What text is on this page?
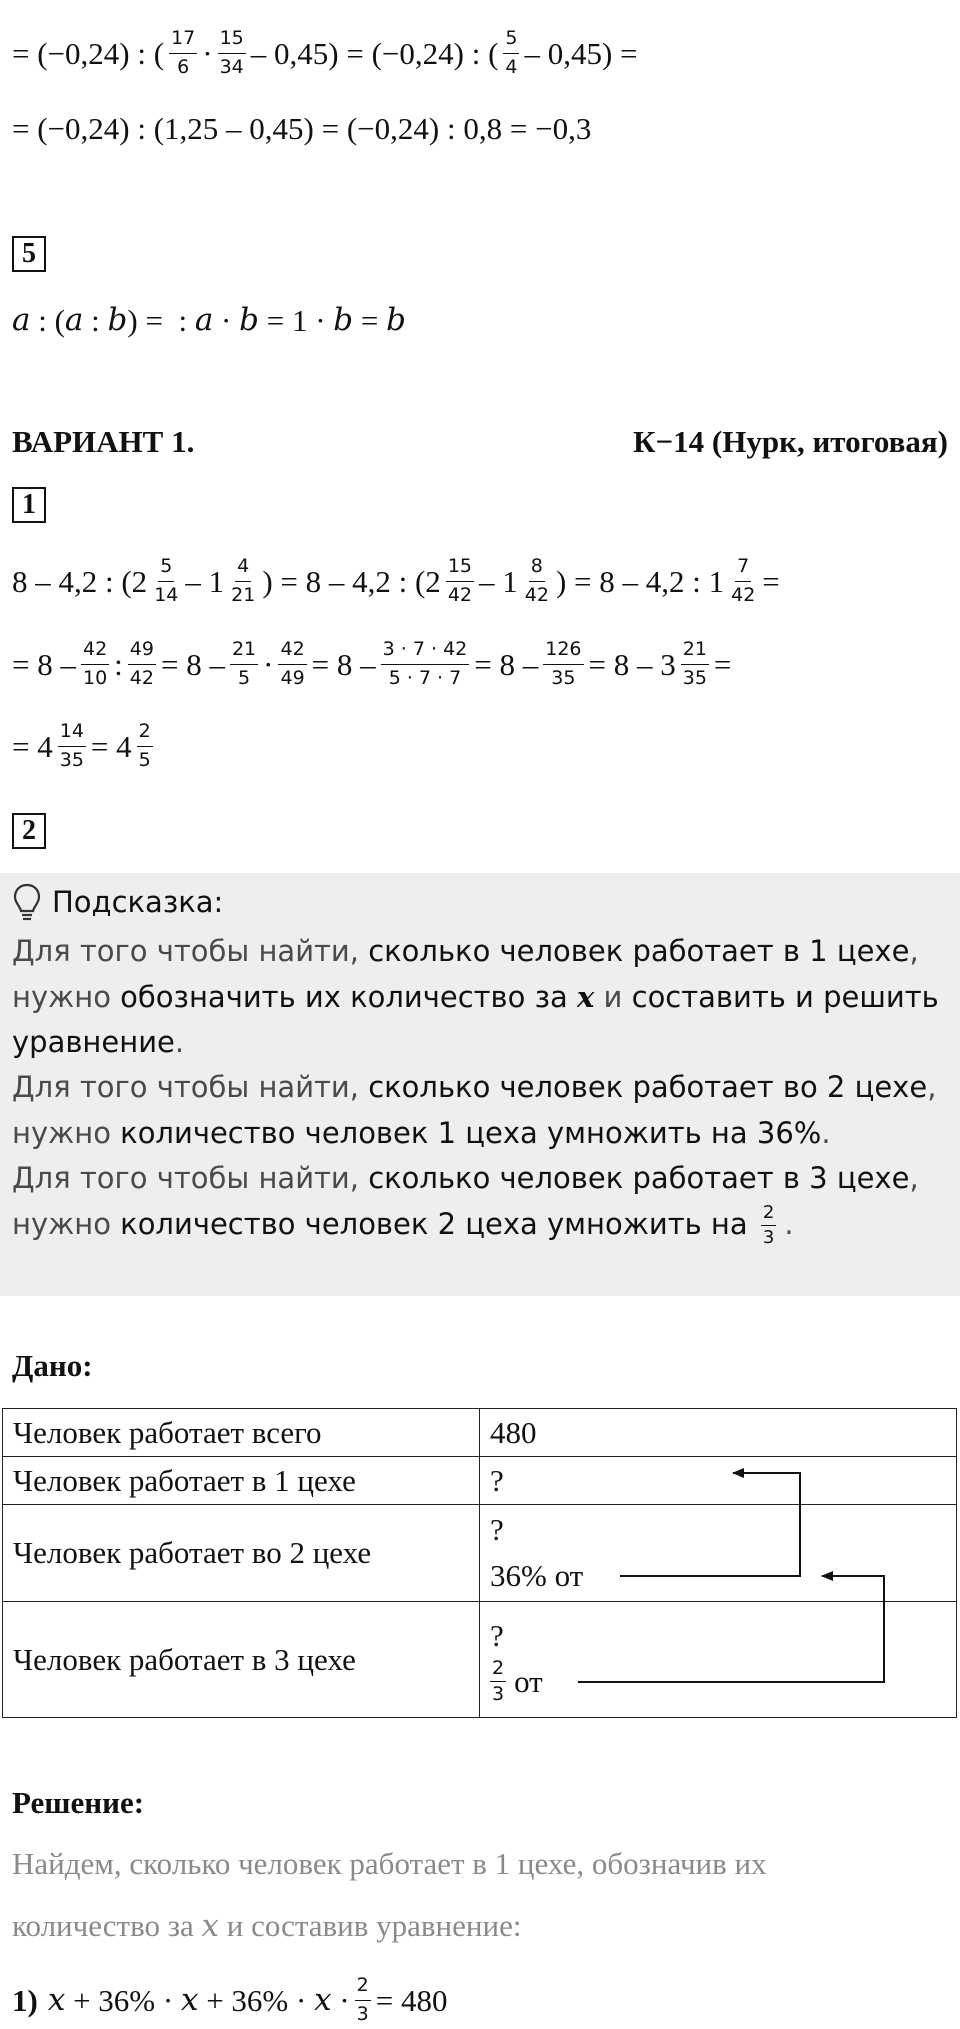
= (−0,24) : ( $\frac{17}{6} \cdot \frac{15}{34} - 0,45) = (-0,24)$ : ( $\frac{5}{4} - 0,45$) =
= (−0,24) : (1,25 – 0,45) = (−0,24) : 0,8 = −0,3
5
a : ( a : b ) =  : a · b = 1 · b = b
ВАРИАНТ 1.	К−14 (Нурк, итоговая)
1
8 – 4,2 : ($2 \frac{5}{14} - 1 \frac{4}{21}$ ) = 8 – 4,2 : ($2 \frac{15}{42} - 1 \frac{8}{42}$ ) = 8 – 4,2 : $1 \frac{7}{42}$ =
= $8 - \frac{42}{10}$ : $\frac{49}{42} = 8 - \frac{21}{5} \cdot \frac{42}{49} = 8 - \frac{3 \cdot 7 \cdot 42}{5 \cdot 7 \cdot 7} = 8 - \frac{126}{35} = 8 - 3 \frac{21}{35}$ =
= $4 \frac{14}{35} = 4 \frac{2}{5}$
2
Подсказка:
Для того чтобы найти, сколько человек работает в 1 цехе,
нужно обозначить их количество за x и составить и решить
уравнение.
Для того чтобы найти, сколько человек работает во 2 цехе,
нужно количество человек 1 цеха умножить на 36%.
Для того чтобы найти, сколько человек работает в 3 цехе,
нужно количество человек 2 цеха умножить на $\frac{2}{3}$ .
Дано:
Человек работает всего	480
Человек работает в 1 цехе	?
Человек работает во 2 цехе	?
36% от

Человек работает в 3 цехе	?
$\frac{2}{3}$ от
Решение:
Найдем, сколько человек работает в 1 цехе, обозначив их
количество за x и составив уравнение:
1) $x + 36\% \cdot x + 36\% \cdot x \cdot \frac{2}{3} = 480$
